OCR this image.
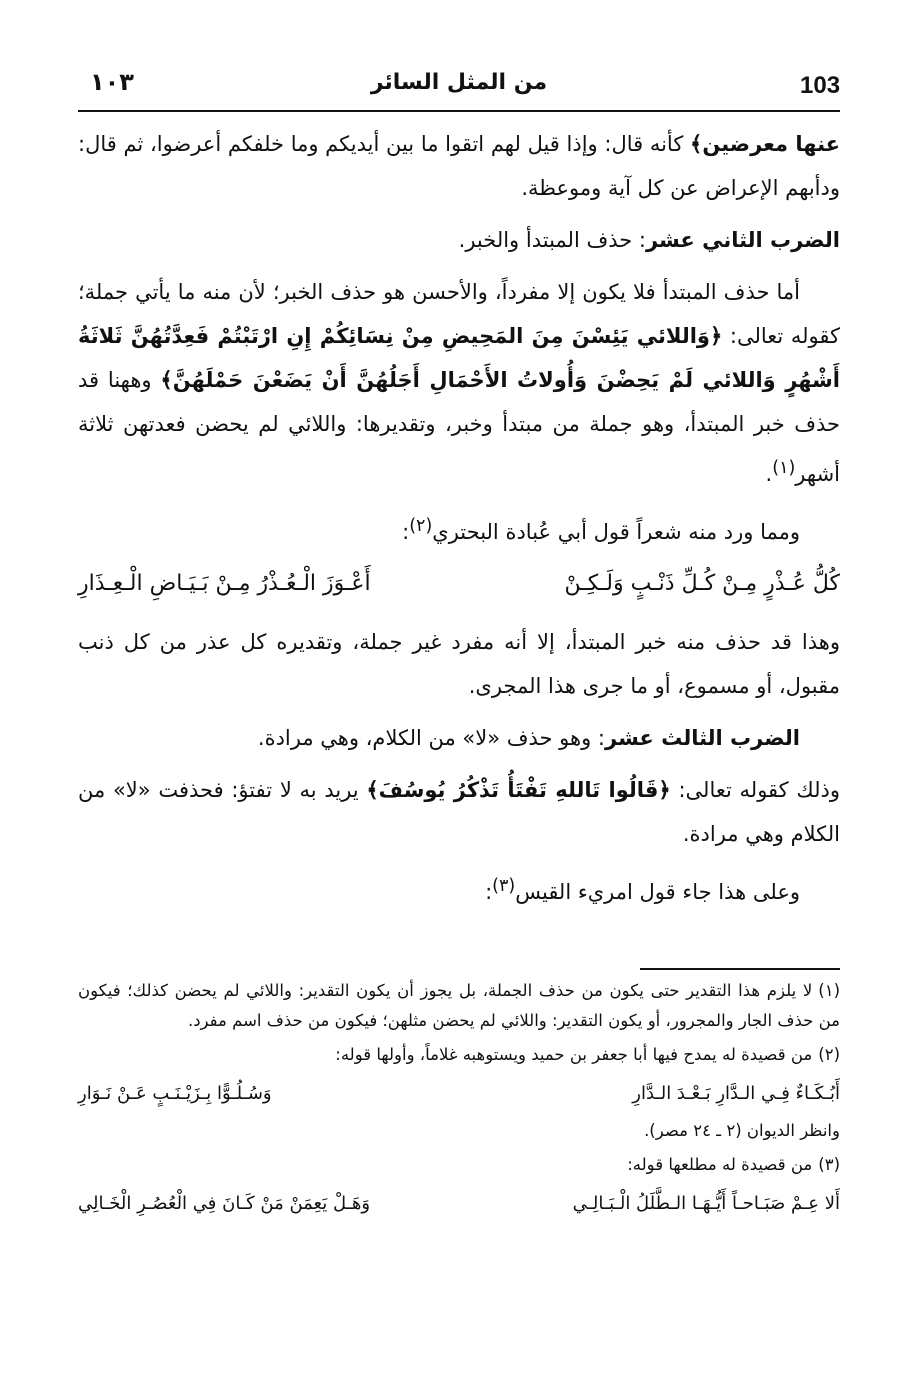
103
من المثل السائر
١٠٣

عنها معرضين﴾ كأنه قال: وإذا قيل لهم اتقوا ما بين أيديكم وما خلفكم أعرضوا، ثم قال: ودأبهم الإعراض عن كل آية وموعظة.

الضرب الثاني عشر: حذف المبتدأ والخبر.

أما حذف المبتدأ فلا يكون إلا مفرداً، والأحسن هو حذف الخبر؛ لأن منه ما يأتي جملة؛ كقوله تعالى: ﴿وَاللائي يَئِسْنَ مِنَ المَحِيضِ مِنْ نِسَائِكُمْ إِنِ ارْتَبْتُمْ فَعِدَّتُهُنَّ ثَلاثَةُ أَشْهُرٍ وَاللائي لَمْ يَحِضْنَ وَأُولاتُ الأَحْمَالِ أَجَلُهُنَّ أَنْ يَضَعْنَ حَمْلَهُنَّ﴾ وههنا قد حذف خبر المبتدأ، وهو جملة من مبتدأ وخبر، وتقديرها: واللائي لم يحضن فعدتهن ثلاثة أشهر$^{(١)}$.

ومما ورد منه شعراً قول أبي عُبادة البحتري$^{(٢)}$:

كُلُّ عُـذْرٍ مِـنْ كُـلِّ ذَنْـبٍ وَلَـكِـنْ
أَعْـوَزَ الْـعُـذْرُ مِـنْ بَـيَـاضِ الْـعِـذَارِ

وهذا قد حذف منه خبر المبتدأ، إلا أنه مفرد غير جملة، وتقديره كل عذر من كل ذنب مقبول، أو مسموع، أو ما جرى هذا المجرى.

الضرب الثالث عشر: وهو حذف «لا» من الكلام، وهي مرادة.

وذلك كقوله تعالى: ﴿قَالُوا تَاللهِ تَفْتَأُ تَذْكُرُ يُوسُفَ﴾ يريد به لا تفتؤ: فحذفت «لا» من الكلام وهي مرادة.

وعلى هذا جاء قول امريء القيس$^{(٣)}$:

(١)لا يلزم هذا التقدير حتى يكون من حذف الجملة، بل يجوز أن يكون التقدير: واللائي لم يحضن كذلك؛ فيكون من حذف الجار والمجرور، أو يكون التقدير: واللائي لم يحضن مثلهن؛ فيكون من حذف اسم مفرد.

(٢)من قصيدة له يمدح فيها أبا جعفر بن حميد ويستوهبه غلاماً، وأولها قوله:

أَبُـكَـاءٌ فِـي الـدَّارِ بَـعْـدَ الـدَّارِ
وَسُـلُـوًّا بِـزَيْـنَـبٍ عَـنْ نَـوَارِ

وانظر الديوان (٢ ـ ٢٤ مصر).

(٣)من قصيدة له مطلعها قوله:

أَلا عِـمْ صَبَـاحـاً أَيُّـهَـا الـطَّلَلُ الْـبَـالِـي
وَهَـلْ يَعِمَنْ مَنْ كَـانَ فِي الْعُصُـرِ الْخَـالِي
